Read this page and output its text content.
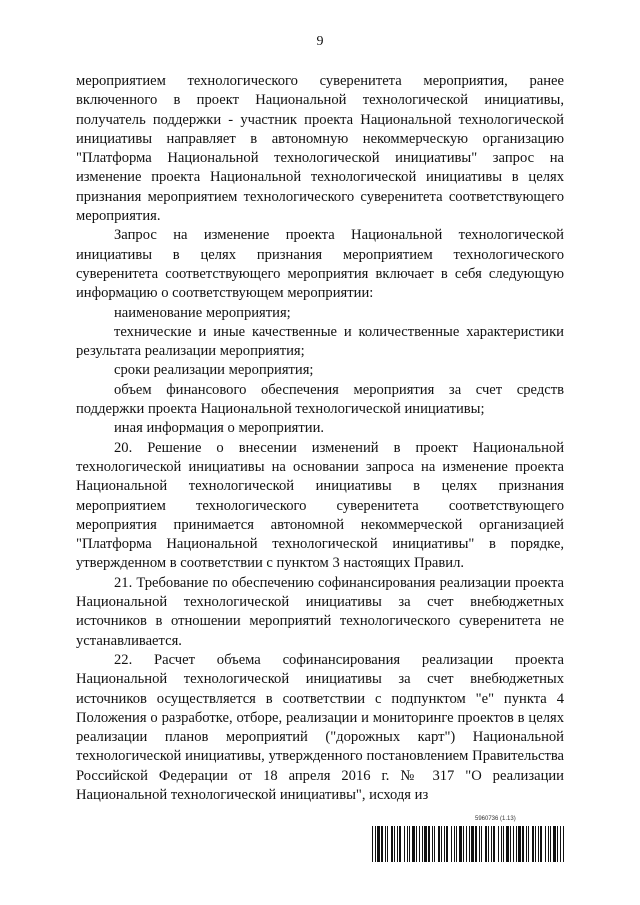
9

мероприятием технологического суверенитета мероприятия, ранее включенного в проект Национальной технологической инициативы, получатель поддержки - участник проекта Национальной технологической инициативы направляет в автономную некоммерческую организацию "Платформа Национальной технологической инициативы" запрос на изменение проекта Национальной технологической инициативы в целях признания мероприятием технологического суверенитета соответствующего мероприятия.

Запрос на изменение проекта Национальной технологической инициативы в целях признания мероприятием технологического суверенитета соответствующего мероприятия включает в себя следующую информацию о соответствующем мероприятии:

наименование мероприятия;

технические и иные качественные и количественные характеристики результата реализации мероприятия;

сроки реализации мероприятия;

объем финансового обеспечения мероприятия за счет средств поддержки проекта Национальной технологической инициативы;

иная информация о мероприятии.

20. Решение о внесении изменений в проект Национальной технологической инициативы на основании запроса на изменение проекта Национальной технологической инициативы в целях признания мероприятием технологического суверенитета соответствующего мероприятия принимается автономной некоммерческой организацией "Платформа Национальной технологической инициативы" в порядке, утвержденном в соответствии с пунктом 3 настоящих Правил.

21. Требование по обеспечению софинансирования реализации проекта Национальной технологической инициативы за счет внебюджетных источников в отношении мероприятий технологического суверенитета не устанавливается.

22. Расчет объема софинансирования реализации проекта Национальной технологической инициативы за счет внебюджетных источников осуществляется в соответствии с подпунктом "е" пункта 4 Положения о разработке, отборе, реализации и мониторинге проектов в целях реализации планов мероприятий ("дорожных карт") Национальной технологической инициативы, утвержденного постановлением Правительства Российской Федерации от 18 апреля 2016 г. № 317 "О реализации Национальной технологической инициативы", исходя из

5960736 (1.13)
